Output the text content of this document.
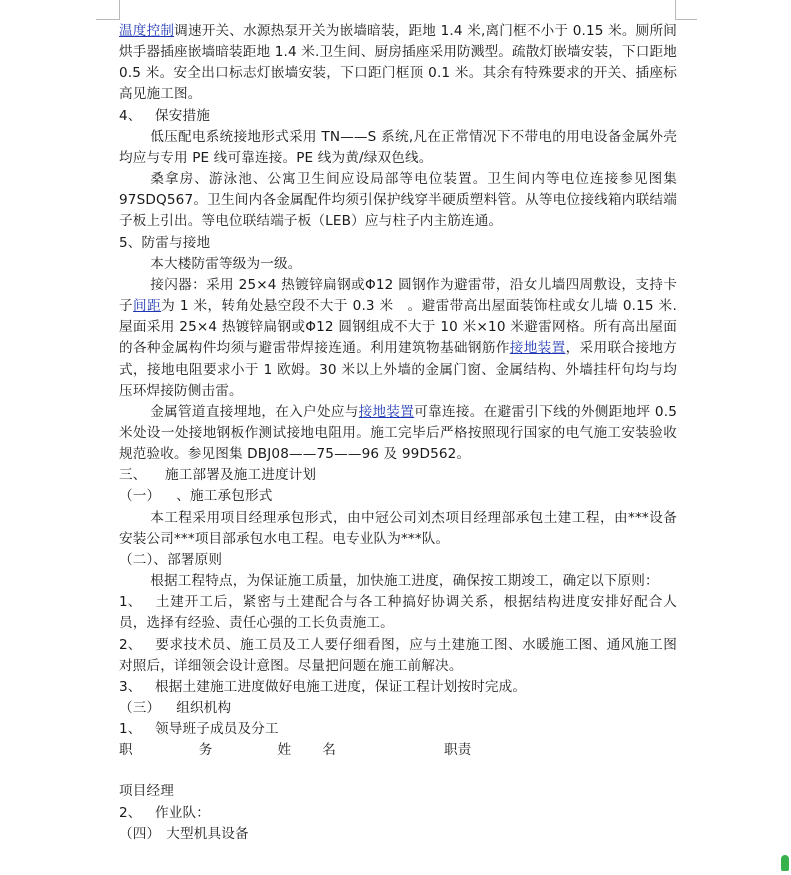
温度控制调速开关、水源热泵开关为嵌墙暗装，距地 1.4 米,离门框不小于 0.15 米。厕所间烘手器插座嵌墙暗装距地 1.4 米.卫生间、厨房插座采用防溅型。疏散灯嵌墙安装，下口距地 0.5 米。安全出口标志灯嵌墙安装，下口距门框顶 0.1 米。其余有特殊要求的开关、插座标高见施工图。

4、 保安措施

低压配电系统接地形式采用 TN——S 系统,凡在正常情况下不带电的用电设备金属外壳均应与专用 PE 线可靠连接。PE 线为黄/绿双色线。

桑拿房、游泳池、公寓卫生间应设局部等电位装置。卫生间内等电位连接参见图集 97SDQ567。卫生间内各金属配件均须引保护线穿半硬质塑料管。从等电位接线箱内联结端子板上引出。等电位联结端子板（LEB）应与柱子内主筋连通。

5、防雷与接地

本大楼防雷等级为一级。

接闪器：采用 25×4 热镀锌扁钢或Φ12 圆钢作为避雷带，沿女儿墙四周敷设，支持卡子间距为 1 米，转角处悬空段不大于 0.3 米　。避雷带高出屋面装饰柱或女儿墙 0.15 米.屋面采用 25×4 热镀锌扁钢或Φ12 圆钢组成不大于 10 米×10 米避雷网格。所有高出屋面的各种金属构件均须与避雷带焊接连通。利用建筑物基础钢筋作接地装置，采用联合接地方式，接地电阻要求小于 1 欧姆。30 米以上外墙的金属门窗、金属结构、外墙挂杆句均与均压环焊接防侧击雷。

金属管道直接埋地，在入户处应与接地装置可靠连接。在避雷引下线的外侧距地坪 0.5 米处设一处接地钢板作测试接地电阻用。施工完毕后严格按照现行国家的电气施工安装验收规范验收。参见图集 DBJ08——75——96 及 99D562。

三、 施工部署及施工进度计划

（一） 、施工承包形式

本工程采用项目经理承包形式，由中冠公司刘杰项目经理部承包土建工程，由***设备安装公司***项目部承包水电工程。电专业队为***队。

（二）、部署原则

根据工程特点，为保证施工质量，加快施工进度，确保按工期竣工，确定以下原则：

1、 土建开工后，紧密与土建配合与各工种搞好协调关系，根据结构进度安排好配合人员，选择有经验、责任心强的工长负责施工。

2、 要求技术员、施工员及工人要仔细看图，应与土建施工图、水暖施工图、通风施工图对照后，详细领会设计意图。尽量把问题在施工前解决。

3、 根据土建施工进度做好电施工进度，保证工程计划按时完成。

（三） 组织机构

1、 领导班子成员及分工

职	务	姓 名	职责

项目经理

2、 作业队：

（四） 大型机具设备
